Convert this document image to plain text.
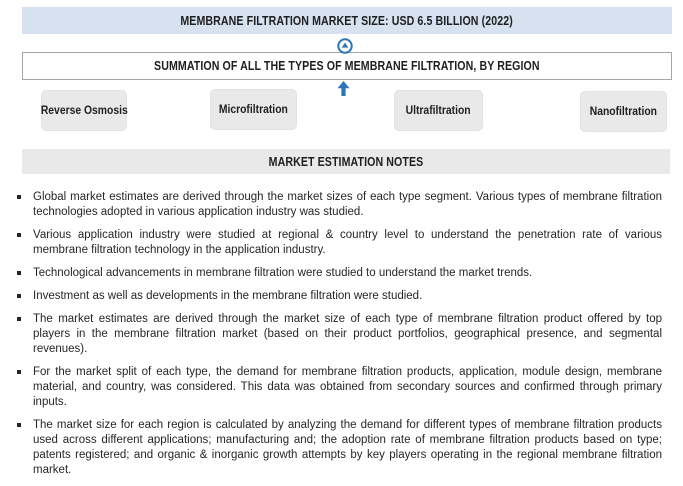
MEMBRANE FILTRATION MARKET SIZE: USD 6.5 BILLION (2022)
SUMMATION OF ALL THE TYPES OF MEMBRANE FILTRATION, BY REGION
Reverse Osmosis	Microfiltration	Ultrafiltration	Nanofiltration
MARKET ESTIMATION NOTES
Global market estimates are derived through the market sizes of each type segment. Various types of membrane filtration technologies adopted in various application industry was studied.
Various application industry were studied at regional & country level to understand the penetration rate of various membrane filtration technology in the application industry.
Technological advancements in membrane filtration were studied to understand the market trends.
Investment as well as developments in the membrane filtration were studied.
The market estimates are derived through the market size of each type of membrane filtration product offered by top players in the membrane filtration market (based on their product portfolios, geographical presence, and segmental revenues).
For the market split of each type, the demand for membrane filtration products, application, module design, membrane material, and country, was considered. This data was obtained from secondary sources and confirmed through primary inputs.
The market size for each region is calculated by analyzing the demand for different types of membrane filtration products used across different applications; manufacturing and; the adoption rate of membrane filtration products based on type; patents registered; and organic & inorganic growth attempts by key players operating in the regional membrane filtration market.
